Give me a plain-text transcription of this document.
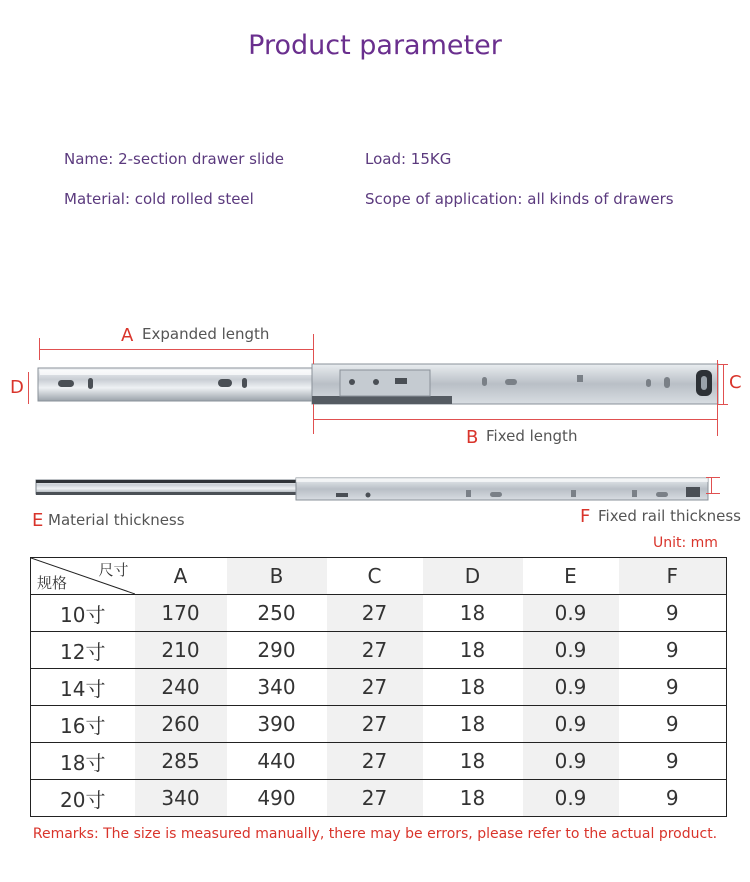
Product parameter
Name: 2-section drawer slide	Load: 15KG
Material: cold rolled steel	Scope of application: all kinds of drawers
A Expanded length
B Fixed length
D	C
E Material thickness	F Fixed rail thickness
Unit: mm
尺寸
规格	A	B	C	D	E	F
10寸	170	250	27	18	0.9	9
12寸	210	290	27	18	0.9	9
14寸	240	340	27	18	0.9	9
16寸	260	390	27	18	0.9	9
18寸	285	440	27	18	0.9	9
20寸	340	490	27	18	0.9	9
Remarks: The size is measured manually, there may be errors, please refer to the actual product.
